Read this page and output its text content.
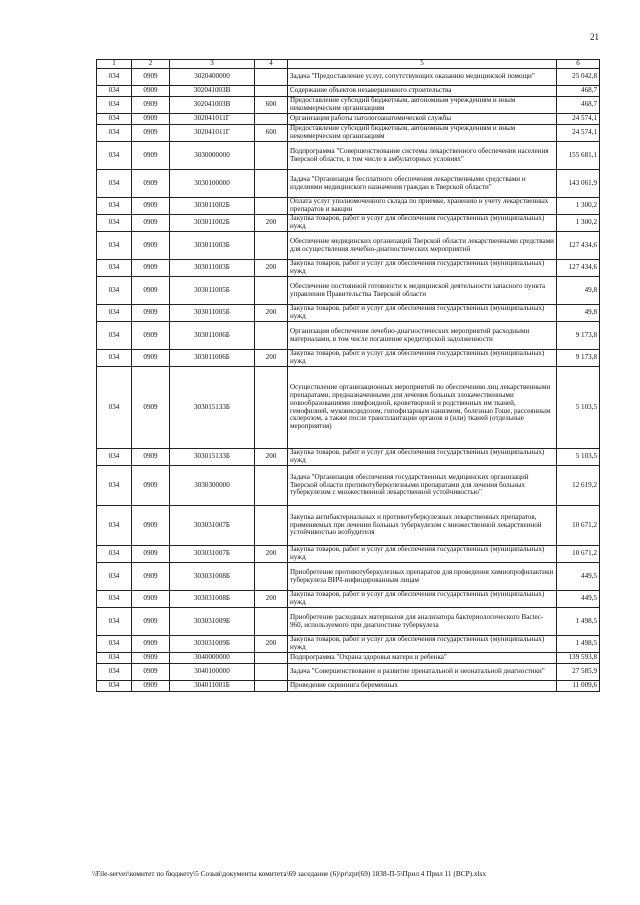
21
1	2	3	4	5	6
034	0909	3020400000		Задача "Предоставление услуг, сопутствующих оказанию медицинской помощи"	25 042,8
034	0909	302041003В		Содержание объектов незавершенного строительства	468,7
034	0909	302041003В	600	Предоставление субсидий бюджетным, автономным учреждениям и иным некоммерческим организациям	468,7
034	0909	302041011Г		Организация работы патологоанатомической службы	24 574,1
034	0909	302041011Г	600	Предоставление субсидий бюджетным, автономным учреждениям и иным некоммерческим организациям	24 574,1
034	0909	3030000000		Подпрограмма "Совершенствование системы лекарственного обеспечения населения Тверской области, в том числе в амбулаторных условиях"	155 681,1
034	0909	3030100000		Задача "Организация бесплатного обеспечения лекарственными средствами и изделиями медицинского назначения граждан в Тверской области"	143 061,9
034	0909	303011002Б		Оплата услуг уполномоченного склада по приемке, хранению и учету лекарственных препаратов и вакцин	1 300,2
034	0909	303011002Б	200	Закупка товаров, работ и услуг для обеспечения государственных (муниципальных) нужд	1 300,2
034	0909	303011003Б		Обеспечение медицинских организаций Тверской области лекарственными средствами для осуществления лечебно-диагностических мероприятий	127 434,6
034	0909	303011003Б	200	Закупка товаров, работ и услуг для обеспечения государственных (муниципальных) нужд	127 434,6
034	0909	303011005Б		Обеспечение постоянной готовности к медицинской деятельности запасного пункта управления Правительства Тверской области	49,8
034	0909	303011005Б	200	Закупка товаров, работ и услуг для обеспечения государственных (муниципальных) нужд	49,8
034	0909	303011006Б		Организация обеспечения лечебно-диагностических мероприятий расходными материалами, в том числе погашение кредиторской задолженности	9 173,8
034	0909	303011006Б	200	Закупка товаров, работ и услуг для обеспечения государственных (муниципальных) нужд	9 173,8
034	0909	303015133Б		Осуществление организационных мероприятий по обеспечению лиц лекарственными препаратами, предназначенными для лечения больных злокачественными новообразованиями лимфоидной, кроветворной и родственных им тканей, гемофилией, муковисцидозом, гипофизарным нанизмом, болезнью Гоше, рассеянным склерозом, а также после трансплантации органов и (или) тканей (отдельные мероприятия)	5 103,5
034	0909	303015133Б	200	Закупка товаров, работ и услуг для обеспечения государственных (муниципальных) нужд	5 103,5
034	0909	3030300000		Задача "Организация обеспечения государственных медицинских организаций Тверской области противотуберкулезными препаратами для лечения больных туберкулезом с множественной лекарственной устойчивостью"	12 619,2
034	0909	303031007Б		Закупка антибактериальных и противотуберкулезных лекарственных препаратов, применяемых при лечении больных туберкулезом с множественной лекарственной устойчивостью возбудителя	10 671,2
034	0909	303031007Б	200	Закупка товаров, работ и услуг для обеспечения государственных (муниципальных) нужд	10 671,2
034	0909	303031008Б		Приобретение противотуберкулезных препаратов для проведения химиопрофилактики туберкулеза ВИЧ-инфицированным лицам	449,5
034	0909	303031008Б	200	Закупка товаров, работ и услуг для обеспечения государственных (муниципальных) нужд	449,5
034	0909	303031009Б		Приобретение расходных материалов для анализатора бактериологического Bactec-960, используемого при диагностике туберкулеза	1 498,5
034	0909	303031009Б	200	Закупка товаров, работ и услуг для обеспечения государственных (муниципальных) нужд	1 498,5
034	0909	3040000000		Подпрограмма "Охрана здоровья матери и ребенка"	139 593,8
034	0909	3040100000		Задача "Совершенствование и развитие пренатальной и неонатальной диагностики"	27 585,9
034	0909	304011001Б		Проведение скрининга беременных	11 009,6
\\File-server\комитет по бюджету\5 Созыв\документы комитета\69 заседание (6)\pr\zpr(69) 1838-П-5\Прил 4 Прил 11 (ВСР).xlsx
